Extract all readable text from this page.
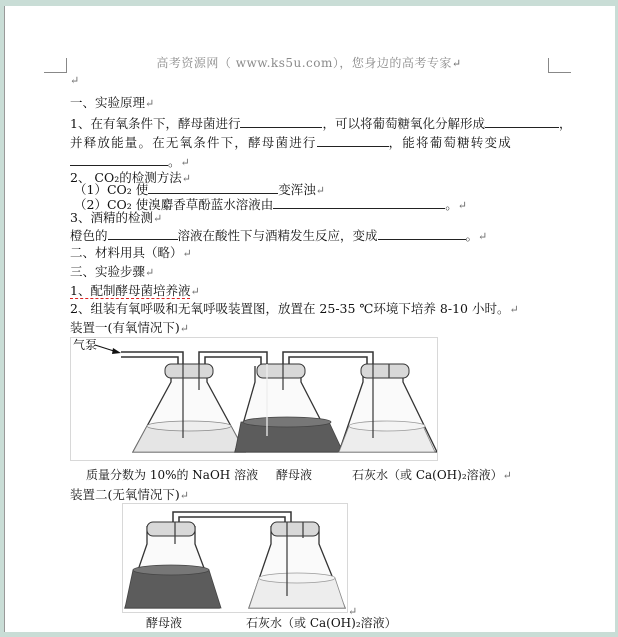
高考资源网（ www.ks5u.com），您身边的高考专家↵
↵
一、实验原理↵
1、在有氧条件下，酵母菌进行	，可以将葡萄糖氧化分解形成	，
并释放能量。在无氧条件下，酵母菌进行	，能将葡萄糖转变成
。↵
2、 CO₂的检测方法↵
（1）CO₂ 使	变浑浊↵
（2）CO₂ 使溴麝香草酚蓝水溶液由	。↵
3、酒精的检测↵
橙色的	溶液在酸性下与酒精发生反应，变成	。↵
二、材料用具（略）↵
三、实验步骤↵
1、配制酵母菌培养液↵
2、组装有氧呼吸和无氧呼吸装置图，放置在 25-35 ℃环境下培养 8-10 小时。↵
装置一(有氧情况下)↵
气泵
质量分数为 10%的 NaOH 溶液 酵母液	石灰水（或 Ca(OH)₂溶液）↵
装置二(无氧情况下)↵
酵母液	石灰水（或 Ca(OH)₂溶液）
↵
